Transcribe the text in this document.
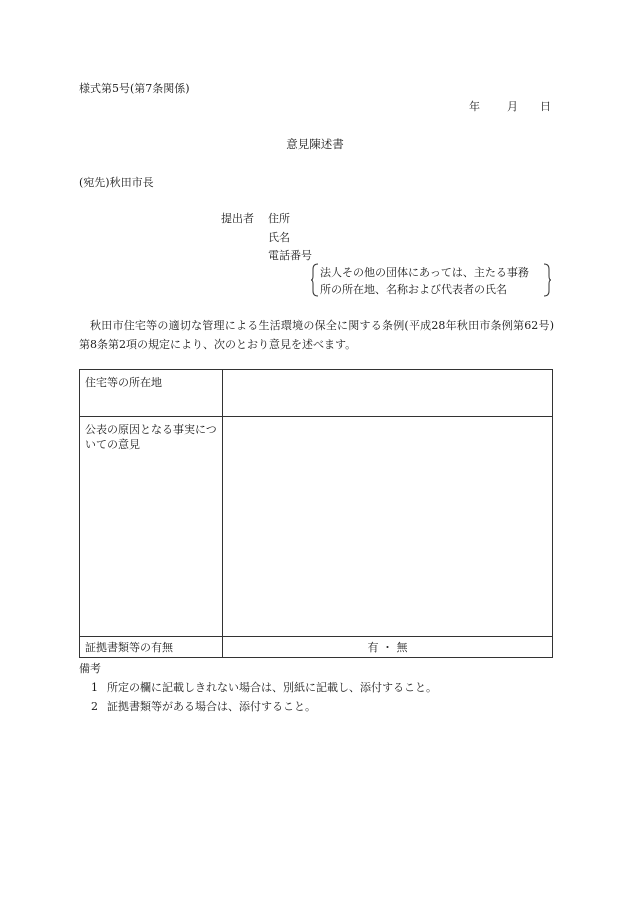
様式第5号(第7条関係)
年 月 日
意見陳述書
(宛先)秋田市長
提出者 住所
氏名
電話番号
法人その他の団体にあっては、主たる事務
所の所在地、名称および代表者の氏名
秋田市住宅等の適切な管理による生活環境の保全に関する条例(平成28年秋田市条例第62号)第8条第2項の規定により、次のとおり意見を述べます。
住宅等の所在地	
公表の原因となる事実についての意見	
証拠書類等の有無	有 ・ 無
備考
1 所定の欄に記載しきれない場合は、別紙に記載し、添付すること。
2 証拠書類等がある場合は、添付すること。
